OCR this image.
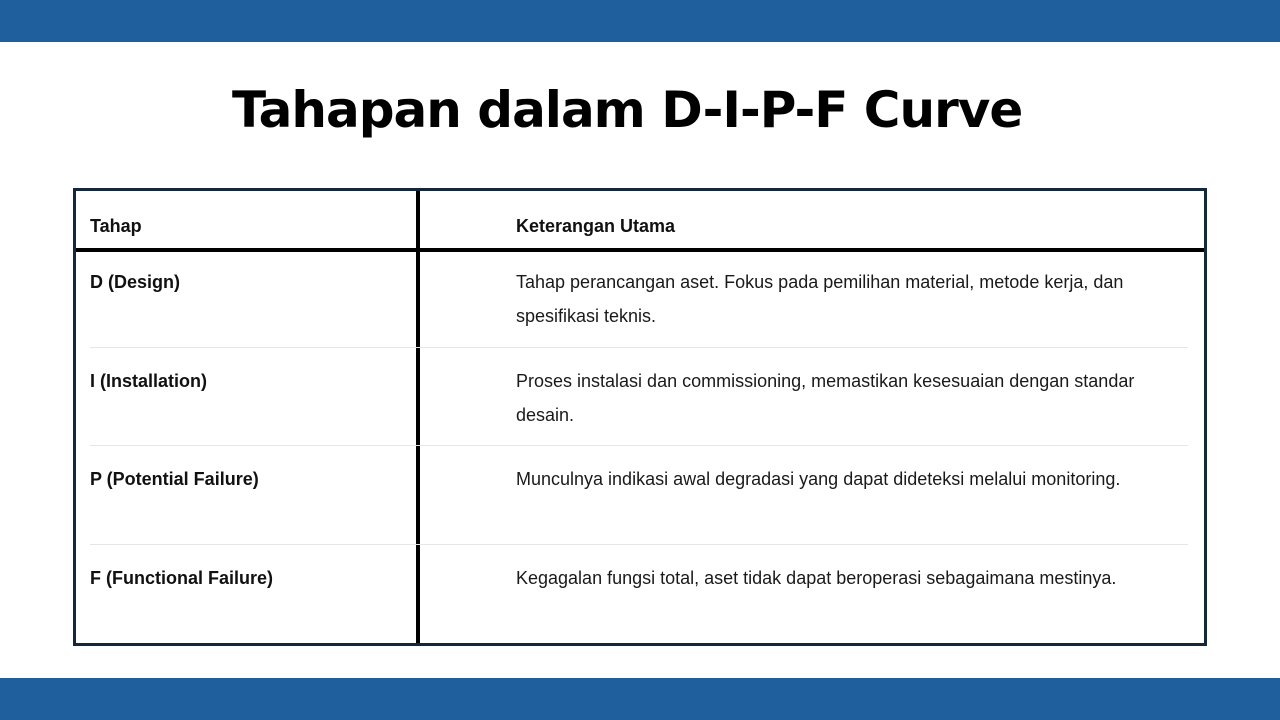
Tahapan dalam D-I-P-F Curve
Tahap	Keterangan Utama
D (Design)	Tahap perancangan aset. Fokus pada pemilihan material, metode kerja, dan spesifikasi teknis.
I (Installation)	Proses instalasi dan commissioning, memastikan kesesuaian dengan standar desain.
P (Potential Failure)	Munculnya indikasi awal degradasi yang dapat dideteksi melalui monitoring.
F (Functional Failure)	Kegagalan fungsi total, aset tidak dapat beroperasi sebagaimana mestinya.
